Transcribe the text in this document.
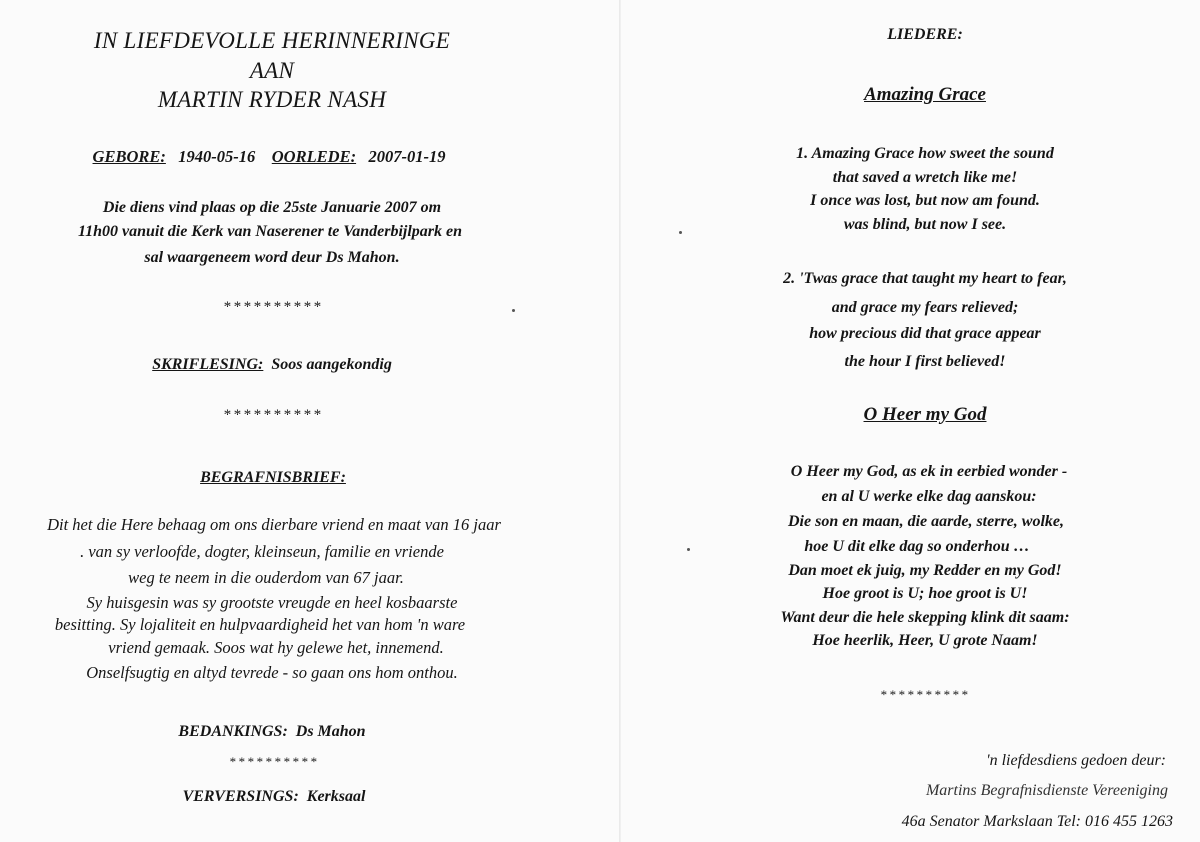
IN LIEFDEVOLLE HERINNERINGE
AAN
MARTIN RYDER NASH
GEBORE: 1940-05-16 OORLEDE: 2007-01-19
Die diens vind plaas op die 25ste Januarie 2007 om
11h00 vanuit die Kerk van Naserener te Vanderbijlpark en
sal waargeneem word deur Ds Mahon.
**********
SKRIFLESING: Soos aangekondig
**********
BEGRAFNISBRIEF:
Dit het die Here behaag om ons dierbare vriend en maat van 16 jaar
. van sy verloofde, dogter, kleinseun, familie en vriende
weg te neem in die ouderdom van 67 jaar.
Sy huisgesin was sy grootste vreugde en heel kosbaarste
besitting. Sy lojaliteit en hulpvaardigheid het van hom 'n ware
vriend gemaak. Soos wat hy gelewe het, innemend.
Onselfsugtig en altyd tevrede - so gaan ons hom onthou.
BEDANKINGS: Ds Mahon
**********
VERVERSINGS: Kerksaal
LIEDERE:
Amazing Grace
1. Amazing Grace how sweet the sound
that saved a wretch like me!
I once was lost, but now am found.
was blind, but now I see.
2. 'Twas grace that taught my heart to fear,
and grace my fears relieved;
how precious did that grace appear
the hour I first believed!
O Heer my God
O Heer my God, as ek in eerbied wonder -
en al U werke elke dag aanskou:
Die son en maan, die aarde, sterre, wolke,
hoe U dit elke dag so onderhou …
Dan moet ek juig, my Redder en my God!
Hoe groot is U; hoe groot is U!
Want deur die hele skepping klink dit saam:
Hoe heerlik, Heer, U grote Naam!
**********
'n liefdesdiens gedoen deur:
Martins Begrafnisdienste Vereeniging
46a Senator Markslaan Tel: 016 455 1263
